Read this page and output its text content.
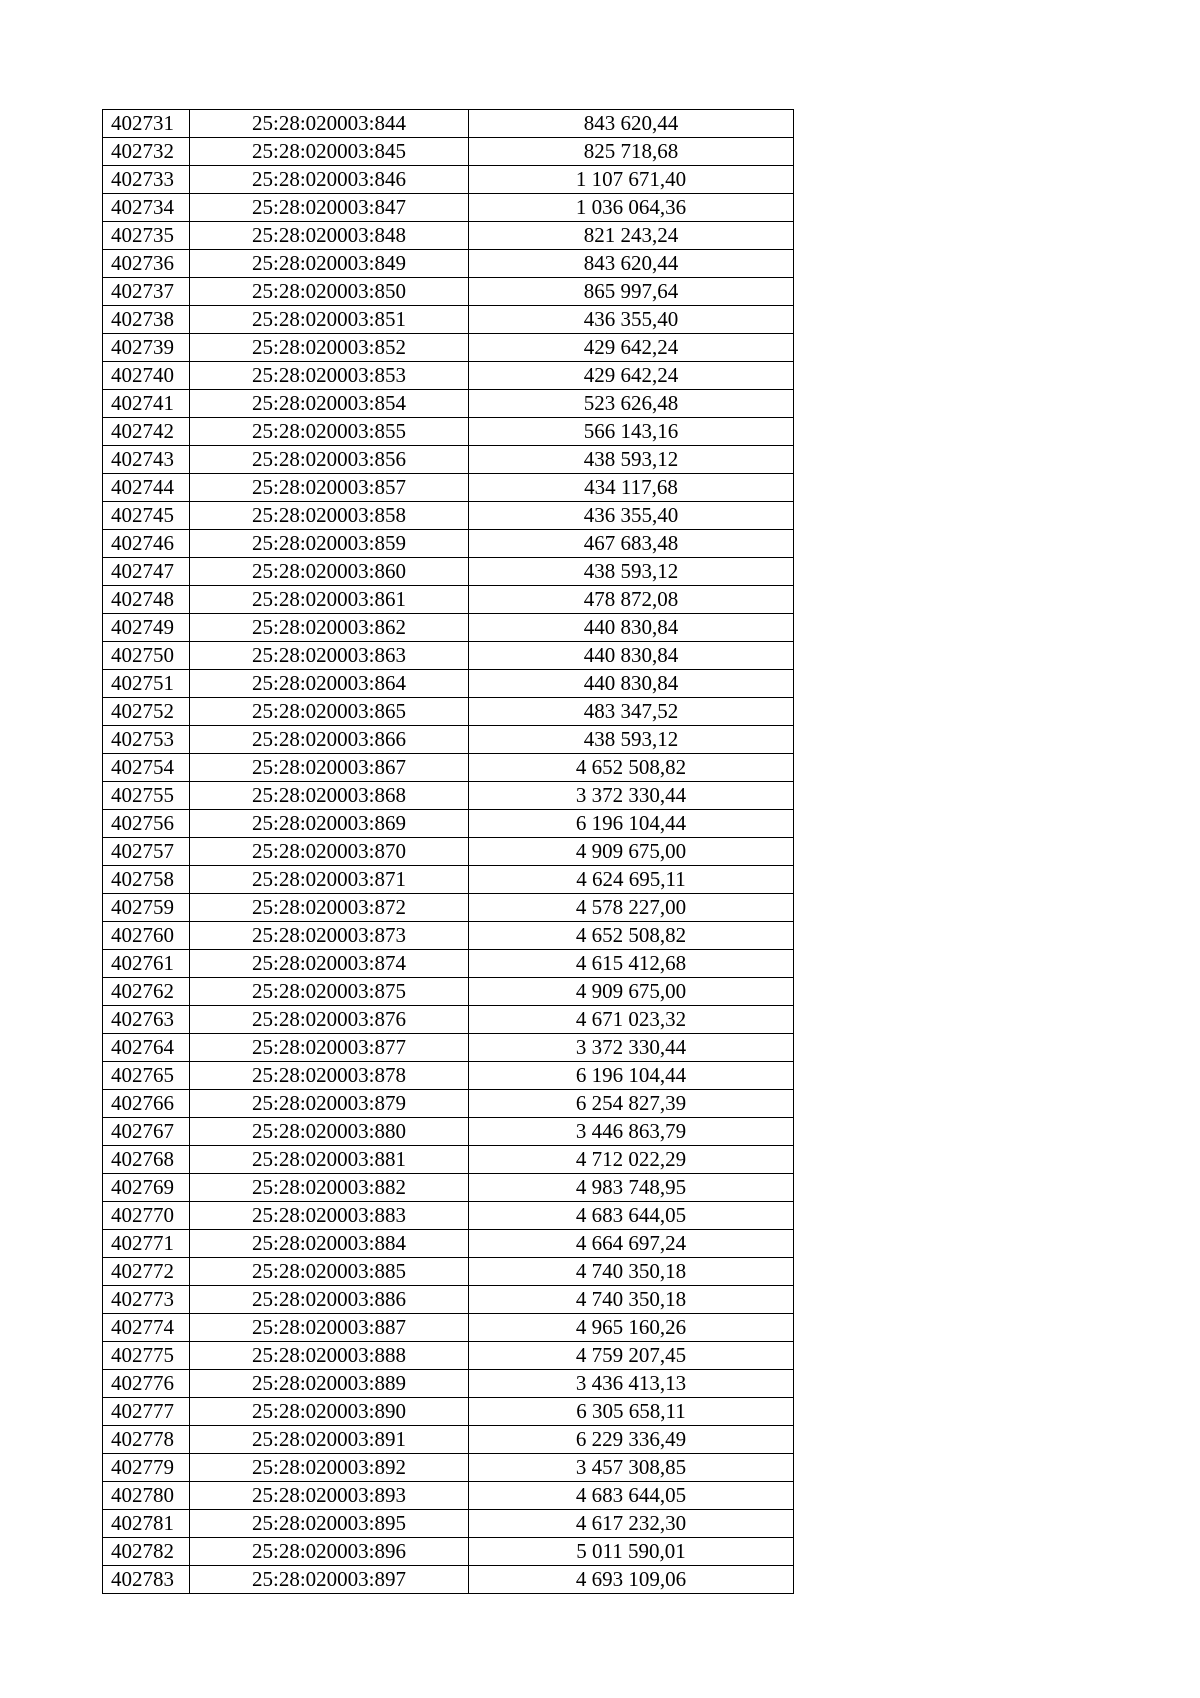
402731	25:28:020003:844	843 620,44
402732	25:28:020003:845	825 718,68
402733	25:28:020003:846	1 107 671,40
402734	25:28:020003:847	1 036 064,36
402735	25:28:020003:848	821 243,24
402736	25:28:020003:849	843 620,44
402737	25:28:020003:850	865 997,64
402738	25:28:020003:851	436 355,40
402739	25:28:020003:852	429 642,24
402740	25:28:020003:853	429 642,24
402741	25:28:020003:854	523 626,48
402742	25:28:020003:855	566 143,16
402743	25:28:020003:856	438 593,12
402744	25:28:020003:857	434 117,68
402745	25:28:020003:858	436 355,40
402746	25:28:020003:859	467 683,48
402747	25:28:020003:860	438 593,12
402748	25:28:020003:861	478 872,08
402749	25:28:020003:862	440 830,84
402750	25:28:020003:863	440 830,84
402751	25:28:020003:864	440 830,84
402752	25:28:020003:865	483 347,52
402753	25:28:020003:866	438 593,12
402754	25:28:020003:867	4 652 508,82
402755	25:28:020003:868	3 372 330,44
402756	25:28:020003:869	6 196 104,44
402757	25:28:020003:870	4 909 675,00
402758	25:28:020003:871	4 624 695,11
402759	25:28:020003:872	4 578 227,00
402760	25:28:020003:873	4 652 508,82
402761	25:28:020003:874	4 615 412,68
402762	25:28:020003:875	4 909 675,00
402763	25:28:020003:876	4 671 023,32
402764	25:28:020003:877	3 372 330,44
402765	25:28:020003:878	6 196 104,44
402766	25:28:020003:879	6 254 827,39
402767	25:28:020003:880	3 446 863,79
402768	25:28:020003:881	4 712 022,29
402769	25:28:020003:882	4 983 748,95
402770	25:28:020003:883	4 683 644,05
402771	25:28:020003:884	4 664 697,24
402772	25:28:020003:885	4 740 350,18
402773	25:28:020003:886	4 740 350,18
402774	25:28:020003:887	4 965 160,26
402775	25:28:020003:888	4 759 207,45
402776	25:28:020003:889	3 436 413,13
402777	25:28:020003:890	6 305 658,11
402778	25:28:020003:891	6 229 336,49
402779	25:28:020003:892	3 457 308,85
402780	25:28:020003:893	4 683 644,05
402781	25:28:020003:895	4 617 232,30
402782	25:28:020003:896	5 011 590,01
402783	25:28:020003:897	4 693 109,06
